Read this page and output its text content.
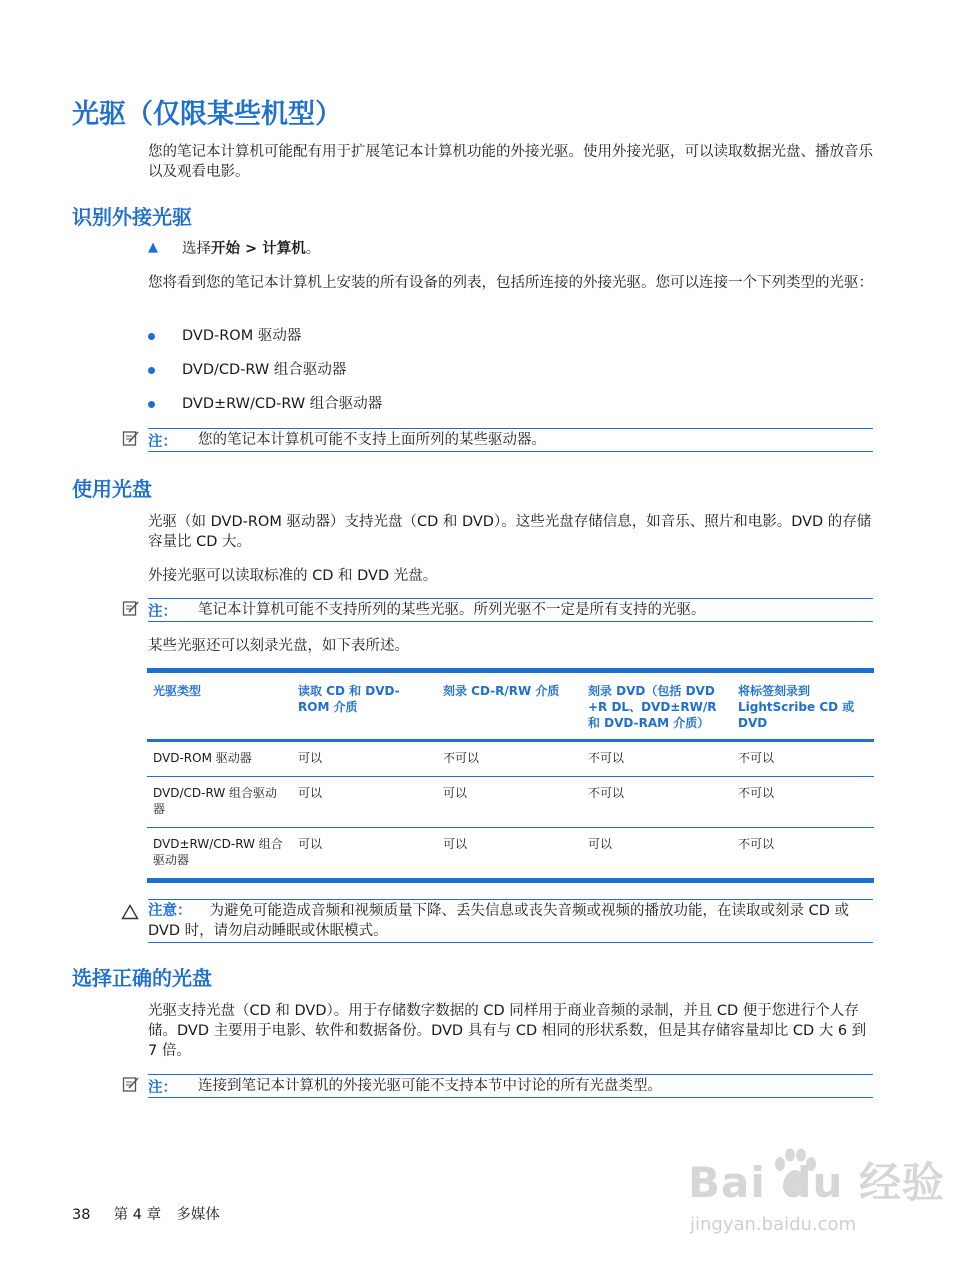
光驱（仅限某些机型）

您的笔记本计算机可能配有用于扩展笔记本计算机功能的外接光驱。使用外接光驱，可以读取数据光盘、播放音乐以及观看电影。

识别外接光驱
▲ 选择开始 > 计算机。

您将看到您的笔记本计算机上安装的所有设备的列表，包括所连接的外接光驱。您可以连接一个下列类型的光驱：

DVD-ROM 驱动器
DVD/CD-RW 组合驱动器
DVD±RW/CD-RW 组合驱动器
注： 您的笔记本计算机可能不支持上面所列的某些驱动器。
使用光盘

光驱（如 DVD-ROM 驱动器）支持光盘（CD 和 DVD）。这些光盘存储信息，如音乐、照片和电影。DVD 的存储容量比 CD 大。

外接光驱可以读取标准的 CD 和 DVD 光盘。

注： 笔记本计算机可能不支持所列的某些光驱。所列光驱不一定是所有支持的光驱。

某些光驱还可以刻录光盘，如下表所述。

光驱类型	读取 CD 和 DVD-ROM 介质	刻录 CD-R/RW 介质	刻录 DVD（包括 DVD +R DL、DVD±RW/R 和 DVD-RAM 介质）	将标签刻录到 LightScribe CD 或 DVD
DVD-ROM 驱动器	可以	不可以	不可以	不可以
DVD/CD-RW 组合驱动器	可以	可以	不可以	不可以
DVD±RW/CD-RW 组合驱动器	可以	可以	可以	不可以
注意： 为避免可能造成音频和视频质量下降、丢失信息或丧失音频或视频的播放功能，在读取或刻录 CD 或 DVD 时，请勿启动睡眠或休眠模式。
选择正确的光盘

光驱支持光盘（CD 和 DVD）。用于存储数字数据的 CD 同样用于商业音频的录制，并且 CD 便于您进行个人存储。DVD 主要用于电影、软件和数据备份。DVD 具有与 CD 相同的形状系数，但是其存储容量却比 CD 大 6 到 7 倍。

注： 连接到笔记本计算机的外接光驱可能不支持本节中讨论的所有光盘类型。
38 第 4 章 多媒体
Bai du 经验
jingyan.baidu.com
